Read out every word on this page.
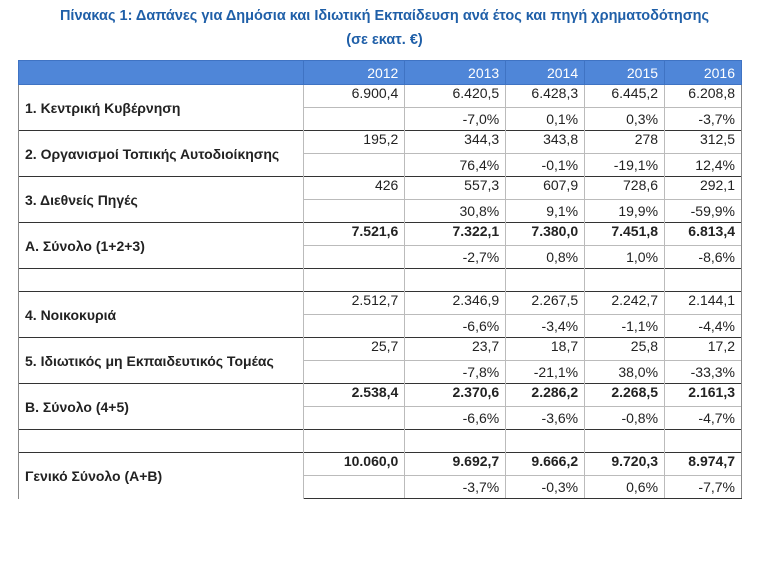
Πίνακας 1: Δαπάνες για Δημόσια και Ιδιωτική Εκπαίδευση ανά έτος και πηγή χρηματοδότησης
(σε εκατ. €)
	2012	2013	2014	2015	2016
1. Κεντρική Κυβέρνηση	6.900,4	6.420,5	6.428,3	6.445,2	6.208,8
		-7,0%	0,1%	0,3%	-3,7%
2. Οργανισμοί Τοπικής Αυτοδιοίκησης	195,2	344,3	343,8	278	312,5
		76,4%	-0,1%	-19,1%	12,4%
3. Διεθνείς Πηγές	426	557,3	607,9	728,6	292,1
		30,8%	9,1%	19,9%	-59,9%
Α. Σύνολο (1+2+3)	7.521,6	7.322,1	7.380,0	7.451,8	6.813,4
		-2,7%	0,8%	1,0%	-8,6%

4. Νοικοκυριά	2.512,7	2.346,9	2.267,5	2.242,7	2.144,1
		-6,6%	-3,4%	-1,1%	-4,4%
5. Ιδιωτικός μη Εκπαιδευτικός Τομέας	25,7	23,7	18,7	25,8	17,2
		-7,8%	-21,1%	38,0%	-33,3%
Β. Σύνολο (4+5)	2.538,4	2.370,6	2.286,2	2.268,5	2.161,3
		-6,6%	-3,6%	-0,8%	-4,7%

Γενικό Σύνολο (Α+Β)	10.060,0	9.692,7	9.666,2	9.720,3	8.974,7
		-3,7%	-0,3%	0,6%	-7,7%
